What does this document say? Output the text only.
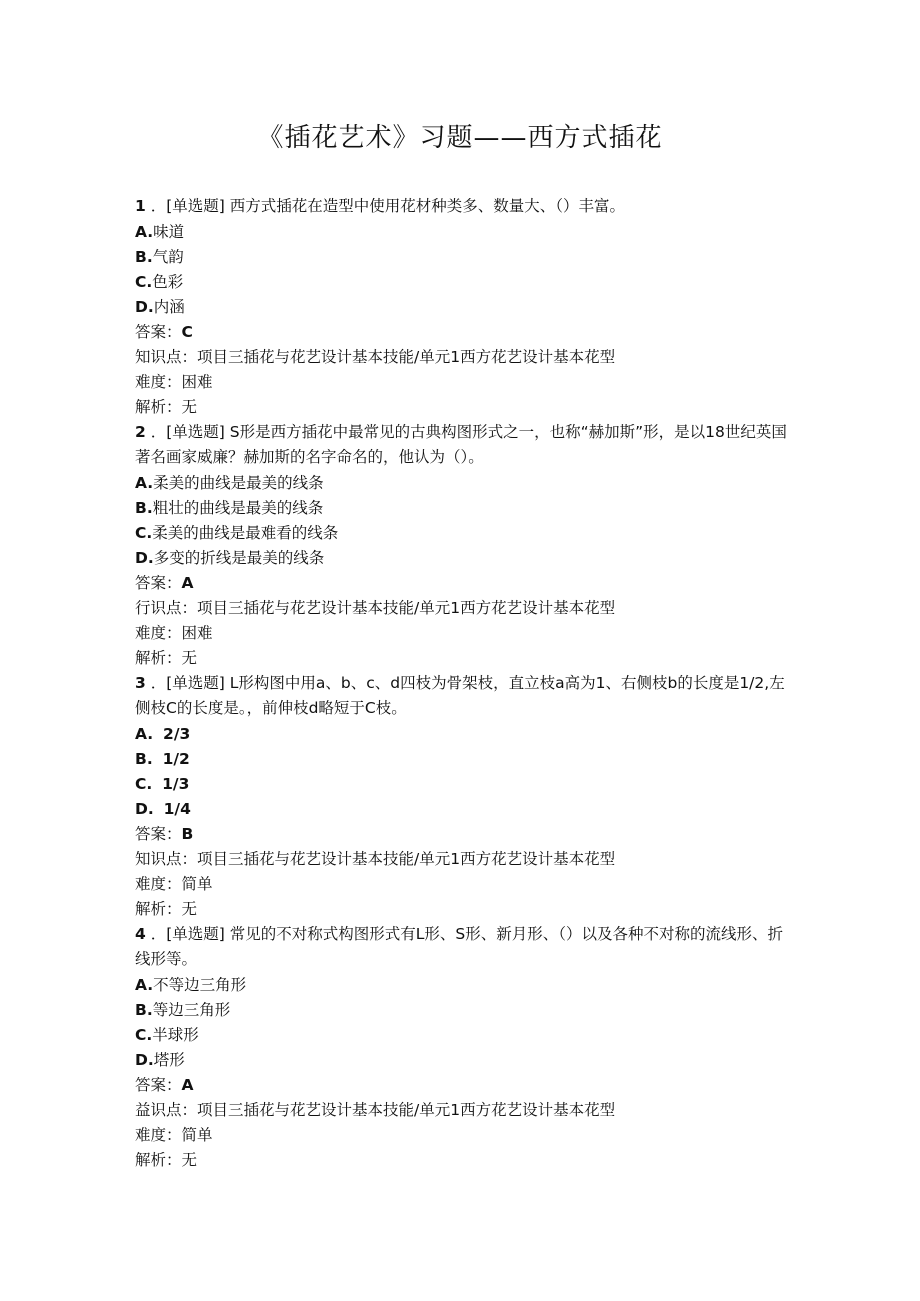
《插花艺术》习题——西方式插花
1 ．[单选题] 西方式插花在造型中使用花材种类多、数量大、（）丰富。
A.味道
B.气韵
C.色彩
D.内涵
答案：C
知识点：项目三插花与花艺设计基本技能/单元1西方花艺设计基本花型
难度：困难
解析：无
2 ．[单选题] S形是西方插花中最常见的古典构图形式之一，也称“赫加斯”形，是以18世纪英国著名画家威廉？赫加斯的名字命名的，他认为（）。
A.柔美的曲线是最美的线条
B.粗壮的曲线是最美的线条
C.柔美的曲线是最难看的线条
D.多变的折线是最美的线条
答案：A
行识点：项目三插花与花艺设计基本技能/单元1西方花艺设计基本花型
难度：困难
解析：无
3 ．[单选题] L形构图中用a、b、c、d四枝为骨架枝，直立枝a高为1、右侧枝b的长度是1/2,左侧枝C的长度是。，前伸枝d略短于C枝。
A. 2/3
B. 1/2
C. 1/3
D. 1/4
答案：B
知识点：项目三插花与花艺设计基本技能/单元1西方花艺设计基本花型
难度：简单
解析：无
4 ．[单选题] 常见的不对称式构图形式有L形、S形、新月形、（）以及各种不对称的流线形、折线形等。
A.不等边三角形
B.等边三角形
C.半球形
D.塔形
答案：A
益识点：项目三插花与花艺设计基本技能/单元1西方花艺设计基本花型
难度：简单
解析：无
